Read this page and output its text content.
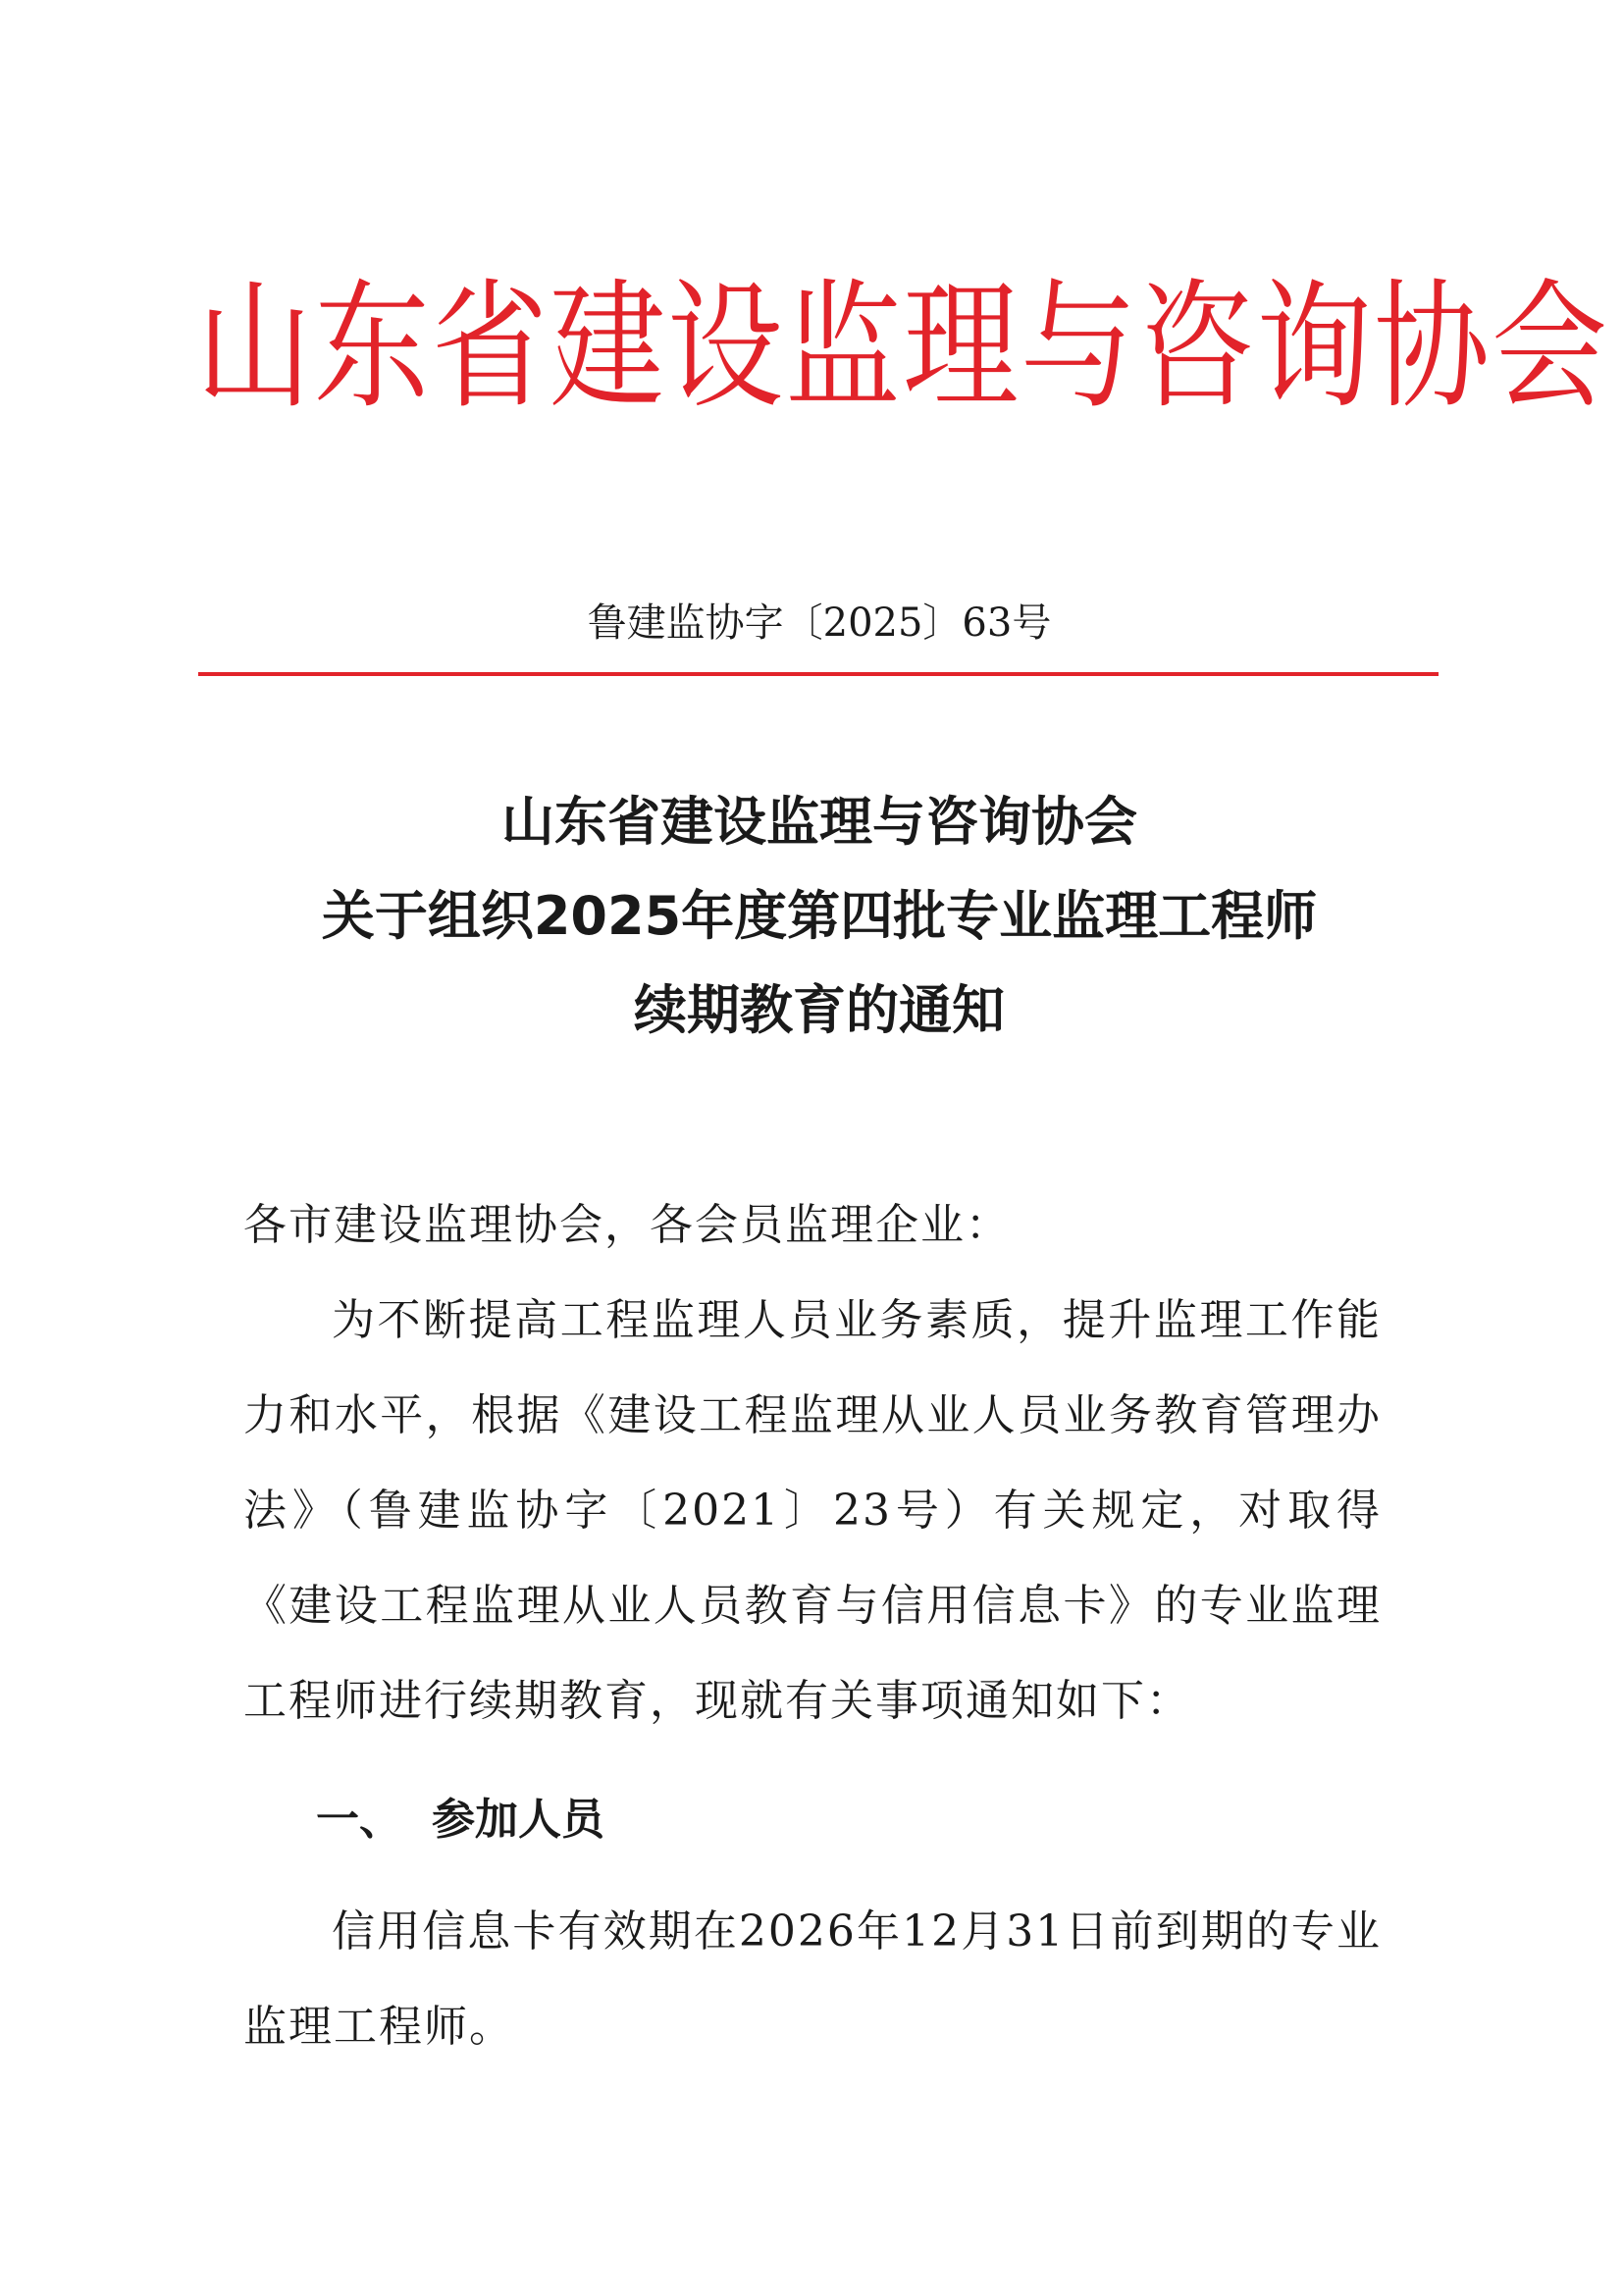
山东省建设监理与咨询协会
鲁建监协字〔2025〕63号
山东省建设监理与咨询协会
关于组织2025年度第四批专业监理工程师
续期教育的通知
各市建设监理协会，各会员监理企业：
为不断提高工程监理人员业务素质，提升监理工作能力和水平，根据《建设工程监理从业人员业务教育管理办法》（鲁建监协字〔2021〕23号）有关规定，对取得《建设工程监理从业人员教育与信用信息卡》的专业监理工程师进行续期教育，现就有关事项通知如下：
一、 参加人员
信用信息卡有效期在2026年12月31日前到期的专业监理工程师。
